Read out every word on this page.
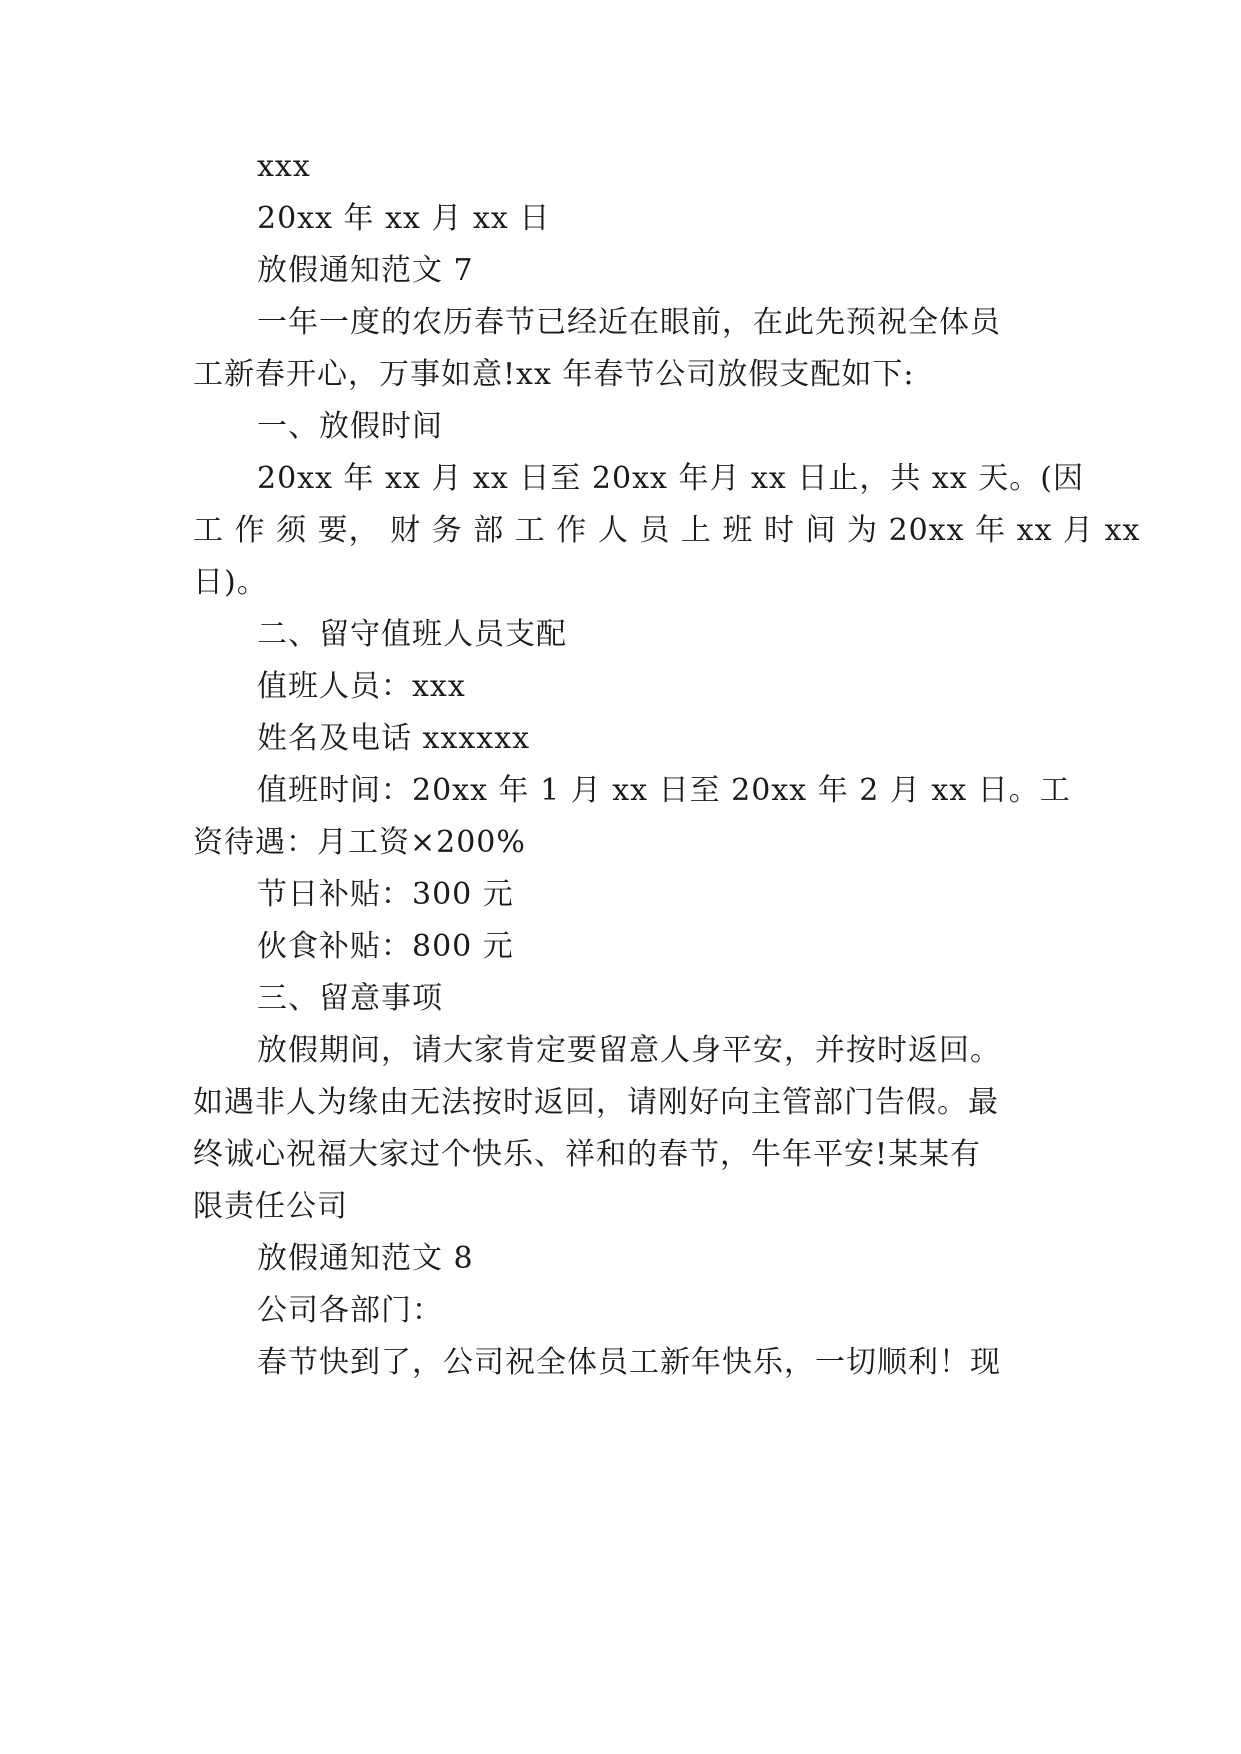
xxx
20xx 年 xx 月 xx 日
放假通知范文 7
一年一度的农历春节已经近在眼前，在此先预祝全体员
工新春开心，万事如意!xx 年春节公司放假支配如下:
一、放假时间
20xx 年 xx 月 xx 日至 20xx 年月 xx 日止，共 xx 天。(因
工 作 须 要， 财 务 部 工 作 人 员 上 班 时 间 为 20xx 年 xx 月 xx
日)。
二、留守值班人员支配
值班人员：xxx
姓名及电话 xxxxxx
值班时间：20xx 年 1 月 xx 日至 20xx 年 2 月 xx 日。工
资待遇：月工资×200%
节日补贴：300 元
伙食补贴：800 元
三、留意事项
放假期间，请大家肯定要留意人身平安，并按时返回。
如遇非人为缘由无法按时返回，请刚好向主管部门告假。最
终诚心祝福大家过个快乐、祥和的春节，牛年平安!某某有
限责任公司
放假通知范文 8
公司各部门：
春节快到了，公司祝全体员工新年快乐，一切顺利！现
